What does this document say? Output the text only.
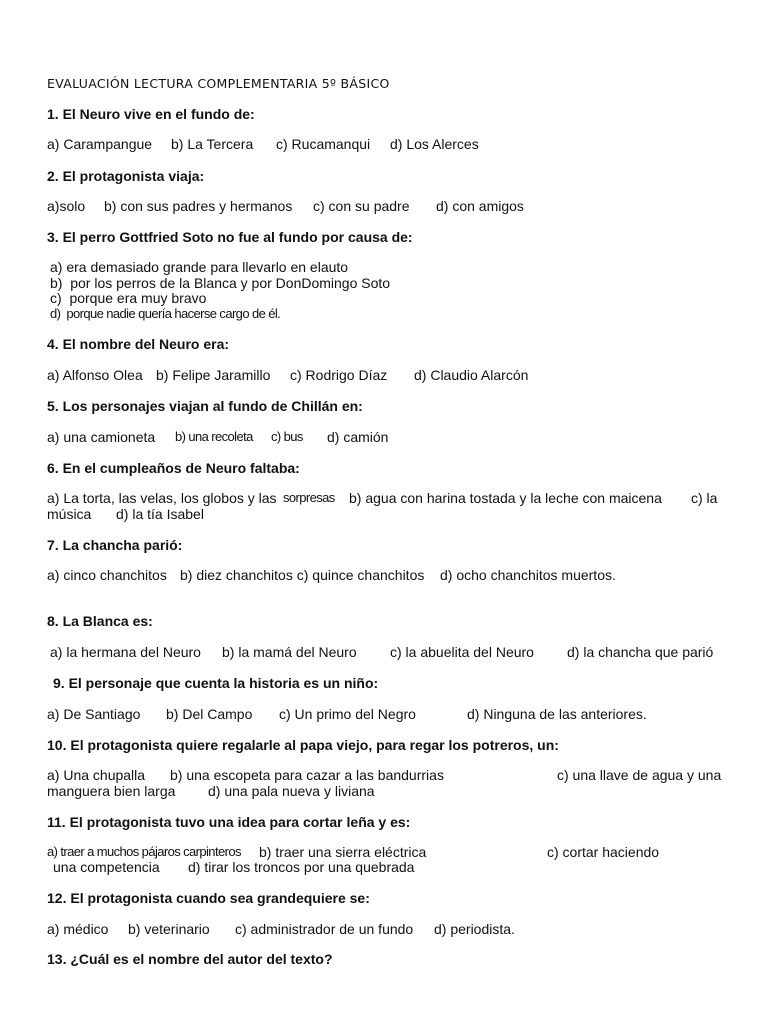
EVALUACIÓN LECTURA COMPLEMENTARIA 5º BÁSICO
1. El Neuro vive en el fundo de:
a) Carampangue b) La Tercera c) Rucamanqui d) Los Alerces
2. El protagonista viaja:
a)solo b) con sus padres y hermanos c) con su padre d) con amigos
3. El perro Gottfried Soto no fue al fundo por causa de:
a) era demasiado grande para llevarlo en elauto
b)  por los perros de la Blanca y por DonDomingo Soto
c)  porque era muy bravo
d)  porque nadie quería hacerse cargo de él.
4. El nombre del Neuro era:
a) Alfonso Olea b) Felipe Jaramillo c) Rodrigo Díaz d) Claudio Alarcón
5. Los personajes viajan al fundo de Chillán en:
a) una camioneta b) una recoleta c) bus d) camión
6. En el cumpleaños de Neuro faltaba:
a) La torta, las velas, los globos y las sorpresas b) agua con harina tostada y la leche con maicena c) la
música d) la tía Isabel
7. La chancha parió:
a) cinco chanchitos b) diez chanchitos c) quince chanchitos d) ocho chanchitos muertos.
8. La Blanca es:
a) la hermana del Neuro b) la mamá del Neuro c) la abuelita del Neuro d) la chancha que parió
9. El personaje que cuenta la historia es un niño:
a) De Santiago b) Del Campo c) Un primo del Negro	d) Ninguna de las anteriores.
10. El protagonista quiere regalarle al papa viejo, para regar los potreros, un:
a) Una chupalla b) una escopeta para cazar a las bandurrias	c) una llave de agua y una
manguera bien larga d) una pala nueva y liviana
11. El protagonista tuvo una idea para cortar leña y es:
a) traer a muchos pájaros carpinteros b) traer una sierra eléctrica	c) cortar haciendo
una competencia d) tirar los troncos por una quebrada
12. El protagonista cuando sea grandequiere se:
a) médico b) veterinario c) administrador de un fundo d) periodista.
13. ¿Cuál es el nombre del autor del texto?
